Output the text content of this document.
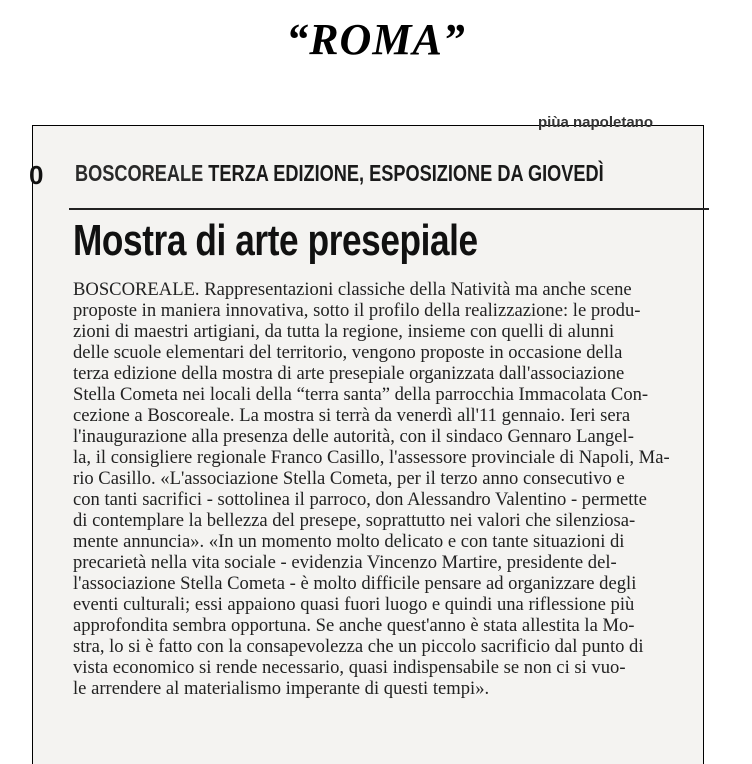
“ROMA”
piùa napoletano
0 BOSCOREALE TERZA EDIZIONE, ESPOSIZIONE DA GIOVEDÌ
Mostra di arte presepiale
BOSCOREALE. Rappresentazioni classiche della Natività ma anche scene
proposte in maniera innovativa, sotto il profilo della realizzazione: le produ-
zioni di maestri artigiani, da tutta la regione, insieme con quelli di alunni
delle scuole elementari del territorio, vengono proposte in occasione della
terza edizione della mostra di arte presepiale organizzata dall'associazione
Stella Cometa nei locali della “terra santa” della parrocchia Immacolata Con-
cezione a Boscoreale. La mostra si terrà da venerdì all'11 gennaio. Ieri sera
l'inaugurazione alla presenza delle autorità, con il sindaco Gennaro Langel-
la, il consigliere regionale Franco Casillo, l'assessore provinciale di Napoli, Ma-
rio Casillo. «L'associazione Stella Cometa, per il terzo anno consecutivo e
con tanti sacrifici - sottolinea il parroco, don Alessandro Valentino - permette
di contemplare la bellezza del presepe, soprattutto nei valori che silenziosa-
mente annuncia». «In un momento molto delicato e con tante situazioni di
precarietà nella vita sociale - evidenzia Vincenzo Martire, presidente del-
l'associazione Stella Cometa - è molto difficile pensare ad organizzare degli
eventi culturali; essi appaiono quasi fuori luogo e quindi una riflessione più
approfondita sembra opportuna. Se anche quest'anno è stata allestita la Mo-
stra, lo si è fatto con la consapevolezza che un piccolo sacrificio dal punto di
vista economico si rende necessario, quasi indispensabile se non ci si vuo-
le arrendere al materialismo imperante di questi tempi».
